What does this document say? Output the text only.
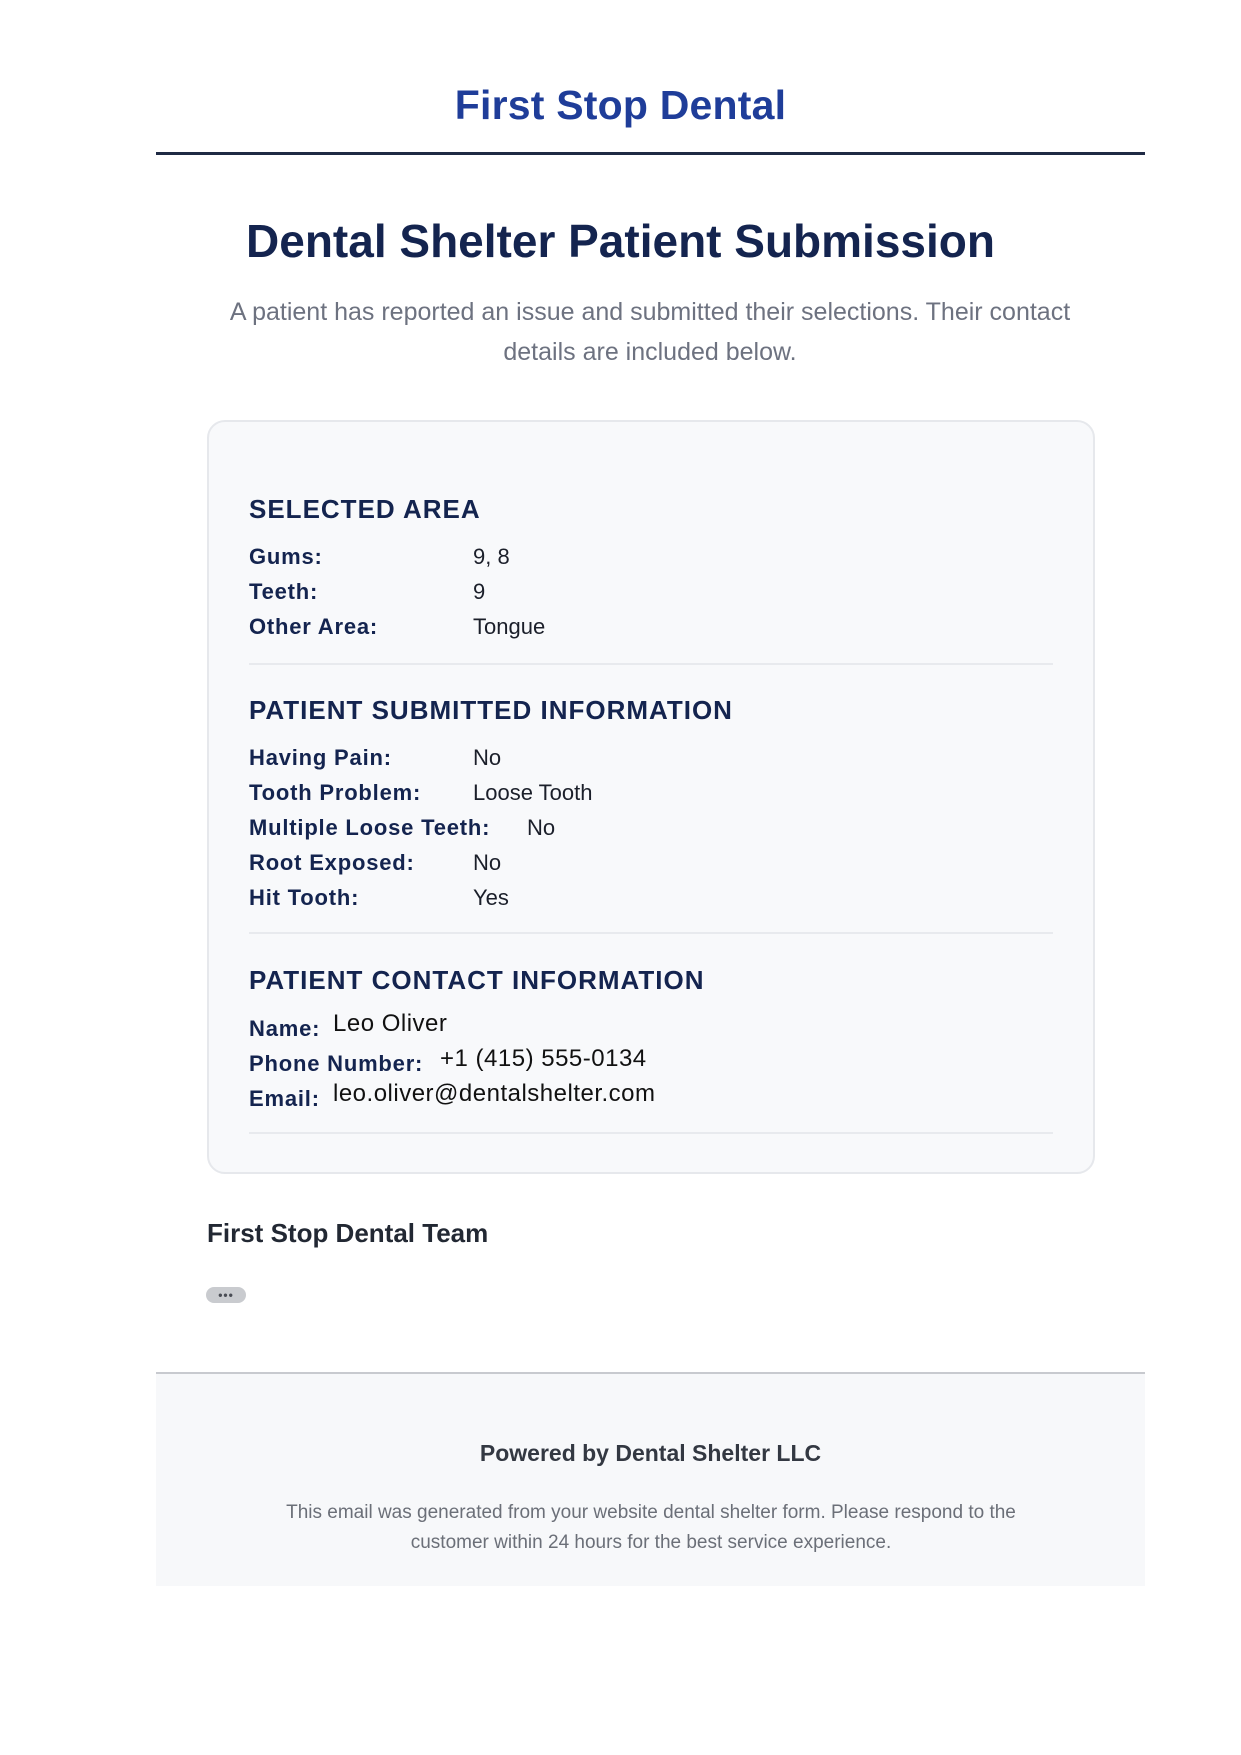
First Stop Dental
Dental Shelter Patient Submission
A patient has reported an issue and submitted their selections. Their contact details are included below.
SELECTED AREA
Gums:	9, 8
Teeth:	9
Other Area:	Tongue
PATIENT SUBMITTED INFORMATION
Having Pain:	No
Tooth Problem: Loose Tooth
Multiple Loose Teeth: No
Root Exposed:	No
Hit Tooth:	Yes
PATIENT CONTACT INFORMATION
Name: Leo Oliver
Phone Number: +1 (415) 555-0134
Email: leo.oliver@dentalshelter.com
First Stop Dental Team
•••
Powered by Dental Shelter LLC
This email was generated from your website dental shelter form. Please respond to the customer within 24 hours for the best service experience.
